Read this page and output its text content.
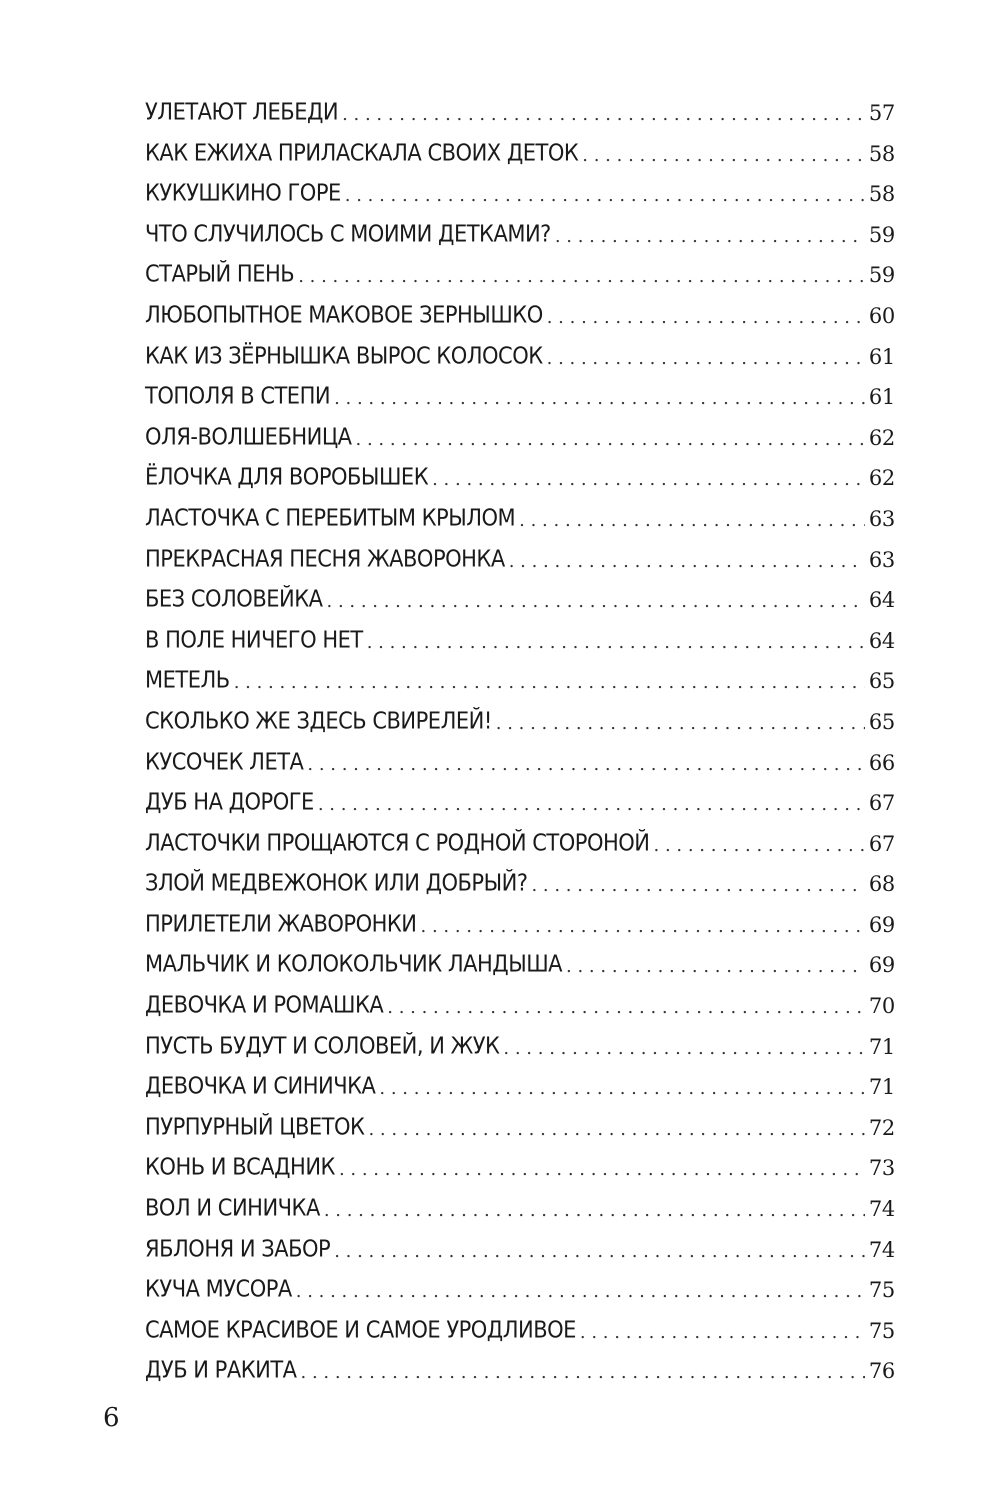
УЛЕТАЮТ ЛЕБЕДИ . . .	57
КАК ЕЖИХА ПРИЛАСКАЛА СВОИХ ДЕТОК . . .	58
КУКУШКИНО ГОРЕ . . .	58
ЧТО СЛУЧИЛОСЬ С МОИМИ ДЕТКАМИ? . . .	59
СТАРЫЙ ПЕНЬ . . .	59
ЛЮБОПЫТНОЕ МАКОВОЕ ЗЕРНЫШКО . . .	60
КАК ИЗ ЗЁРНЫШКА ВЫРОС КОЛОСОК . . .	61
ТОПОЛЯ В СТЕПИ . . .	61
ОЛЯ-ВОЛШЕБНИЦА . . .	62
ЁЛОЧКА ДЛЯ ВОРОБЫШЕК . . .	62
ЛАСТОЧКА С ПЕРЕБИТЫМ КРЫЛОМ . . .	63
ПРЕКРАСНАЯ ПЕСНЯ ЖАВОРОНКА . . .	63
БЕЗ СОЛОВЕЙКА . . .	64
В ПОЛЕ НИЧЕГО НЕТ . . .	64
МЕТЕЛЬ . . .	65
СКОЛЬКО ЖЕ ЗДЕСЬ СВИРЕЛЕЙ! . . .	65
КУСОЧЕК ЛЕТА . . .	66
ДУБ НА ДОРОГЕ . . .	67
ЛАСТОЧКИ ПРОЩАЮТСЯ С РОДНОЙ СТОРОНОЙ . . .	67
ЗЛОЙ МЕДВЕЖОНОК ИЛИ ДОБРЫЙ? . . .	68
ПРИЛЕТЕЛИ ЖАВОРОНКИ . . .	69
МАЛЬЧИК И КОЛОКОЛЬЧИК ЛАНДЫША . . .	69
ДЕВОЧКА И РОМАШКА . . .	70
ПУСТЬ БУДУТ И СОЛОВЕЙ, И ЖУК . . .	71
ДЕВОЧКА И СИНИЧКА . . .	71
ПУРПУРНЫЙ ЦВЕТОК . . .	72
КОНЬ И ВСАДНИК . . .	73
ВОЛ И СИНИЧКА . . .	74
ЯБЛОНЯ И ЗАБОР . . .	74
КУЧА МУСОРА . . .	75
САМОЕ КРАСИВОЕ И САМОЕ УРОДЛИВОЕ . . .	75
ДУБ И РАКИТА . . .	76
6
